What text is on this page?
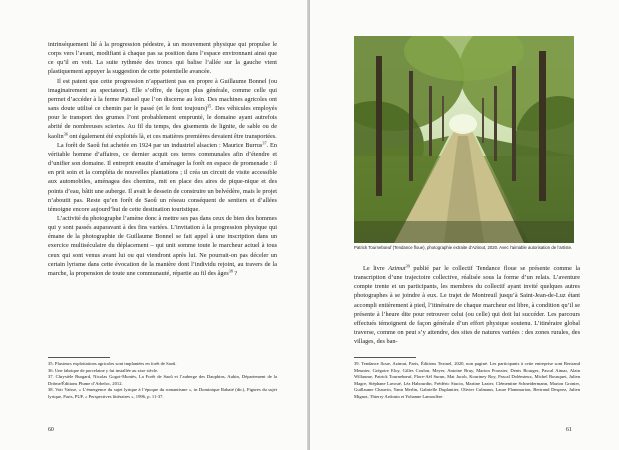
intrinsèquement lié à la progression pédestre, à un mouvement physique qui propulse le corps vers l’avant, modifiant à chaque pas sa position dans l’espace environnant ainsi que ce qu’il en voit. La suite rythmée des troncs qui balise l’allée sur la gauche vient plastiquement appuyer la suggestion de cette potentielle avancée.

Il est patent que cette progression n’appartient pas en propre à Guillaume Bonnel (ou imaginairement au spectateur). Elle s’offre, de façon plus générale, comme celle qui permet d’accéder à la ferme Patusel que l’on discerne au loin. Des machines agricoles ont sans doute utilisé ce chemin par le passé (et le font toujours)$^{35}$. Des véhicules employés pour le transport des grumes l’ont probablement emprunté, le domaine ayant autrefois abrité de nombreuses scieries. Au fil du temps, des gisements de lignite, de sable ou de kaolin$^{36}$ ont également été exploités là, et ces matières premières devaient être transportées.

La forêt de Saoû fut achetée en 1924 par un industriel alsacien : Maurice Burrus$^{37}$. En véritable homme d’affaires, ce dernier acquit ces terres communales afin d’étendre et d’unifier son domaine. Il entreprit ensuite d’aménager la forêt en espace de promenade : il en prit soin et la compléta de nouvelles plantations ; il créa un circuit de visite accessible aux automobiles, aménagea des chemins, mit en place des aires de pique-nique et des points d’eau, bâtit une auberge. Il avait le dessein de construire un belvédère, mais le projet n’aboutit pas. Reste qu’en forêt de Saoû un réseau conséquent de sentiers et d’allées témoigne encore aujourd’hui de cette destination touristique.

L’activité du photographe l’amène donc à mettre ses pas dans ceux de bien des hommes qui y sont passés auparavant à des fins variées. L’invitation à la progression physique qui émane de la photographie de Guillaume Bonnel se fait appel à une inscription dans un exercice multiséculaire du déplacement – qui unit somme toute le marcheur actuel à tous ceux qui sont venus avant lui ou qui viendront après lui. Ne pourrait-on pas déceler un certain lyrisme dans cette évocation de la manière dont l’individu rejoint, au travers de la marche, la propension de toute une communauté, répartie au fil des âges$^{38}$ ?

35. Plusieurs exploitations agricoles sont implantées en forêt de Saoû.

36. Une fabrique de porcelaine y fut installée au xixe siècle.

37. Chrystèle Burgard, Nicolas Gogot-Montès, La Forêt de Saoû et l’auberge des Dauphins, Aubin, Département de la Drôme/Éditions Plume d’Arbeloc, 2012.

38. Voir Vaïsse, « L’émergence du sujet lyrique à l’époque du romantisme », in Dominique Rabaté (dir.), Figures du sujet lyrique, Paris, PUF, « Perspectives littéraires », 1996, p. 11-37.

60

Patrick Tournebœuf (Tendance floue), photographie extraite d’Azimut, 2020. Avec l’aimable autorisation de l’artiste.

Le livre Azimut$^{39}$ publié par le collectif Tendance floue se présente comme la transcription d’une trajectoire collective, réalisée sous la forme d’un relais. L’aventure compte trente et un participants, les membres du collectif ayant invité quelques autres photographes à se joindre à eux. Le trajet de Montreuil jusqu’à Saint-Jean-de-Luz étant accompli entièrement à pied, l’itinéraire de chaque marcheur est libre, à condition qu’il se présente à l’heure dite pour retrouver celui (ou celle) qui doit lui succéder. Les parcours effectués témoignent de façon générale d’un effort physique soutenu. L’itinéraire global traverse, comme on peut s’y attendre, des sites de natures variées : des zones rurales, des villages, des ban-

39. Tendance floue, Azimut, Paris, Éditions Textuel, 2020, non paginé. Les participants à cette entreprise sont Bertrand Meunier, Grégoire Eloy, Gilles Coulon, Meyer, Antoine Bruy, Marion Poussier, Denis Bourges, Pascal Aimar, Alain Willaume, Patrick Tournebœuf, Flore-Aël Surun, Mat Jacob, Kourtney Roy, Pascal Dolémieux, Michel Bousquet, Julien Magre, Stéphane Lavoué, Léa Habourdin, Frédéric Stucin, Martine Lazier, Clémentine Schneidermann, Marion Gronier, Guillaume Chauvin, Yann Merlin, Gabrielle Duplantier, Olivier Culmann, Laure Flammarion, Bertrand Desprez, Julien Mignot, Thierry Ardouin et Yohanne Lamoulère.

61
